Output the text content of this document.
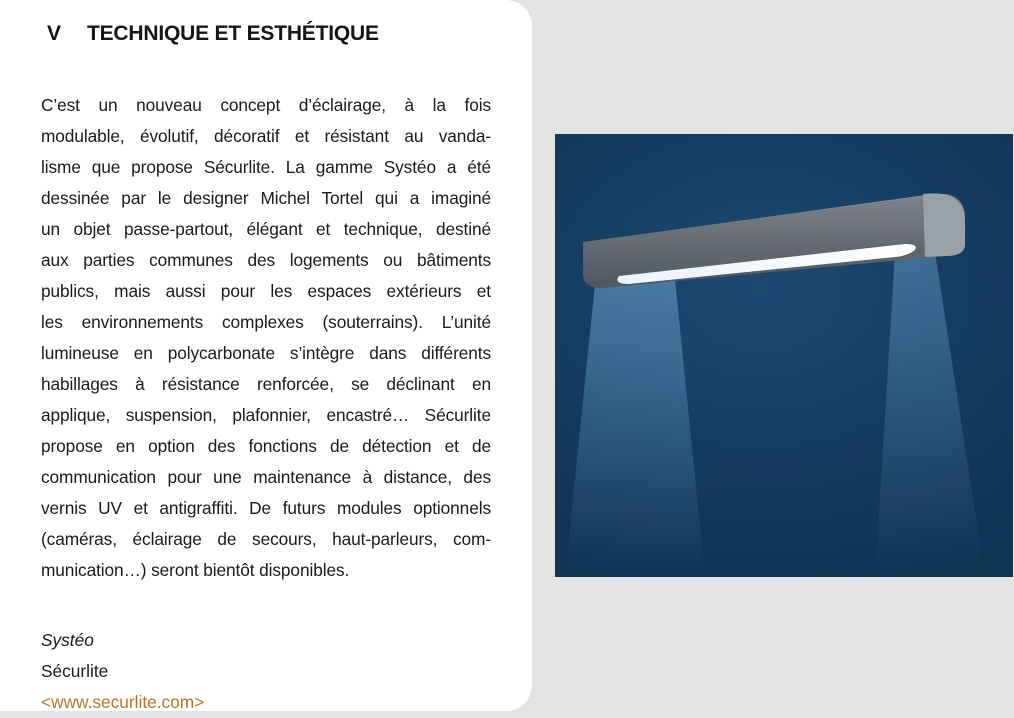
V	TECHNIQUE ET ESTHÉTIQUE
C’est un nouveau concept d’éclairage, à la fois
modulable, évolutif, décoratif et résistant au vanda-
lisme que propose Sécurlite. La gamme Systéo a été
dessinée par le designer Michel Tortel qui a imaginé
un objet passe-partout, élégant et technique, destiné
aux parties communes des logements ou bâtiments
publics, mais aussi pour les espaces extérieurs et
les environnements complexes (souterrains). L’unité
lumineuse en polycarbonate s’intègre dans différents
habillages à résistance renforcée, se déclinant en
applique, suspension, plafonnier, encastré… Sécurlite
propose en option des fonctions de détection et de
communication pour une maintenance à distance, des
vernis UV et antigraffiti. De futurs modules optionnels
(caméras, éclairage de secours, haut-parleurs, com-
munication…) seront bientôt disponibles.
Systéo
Sécurlite
<www.securlite.com>
